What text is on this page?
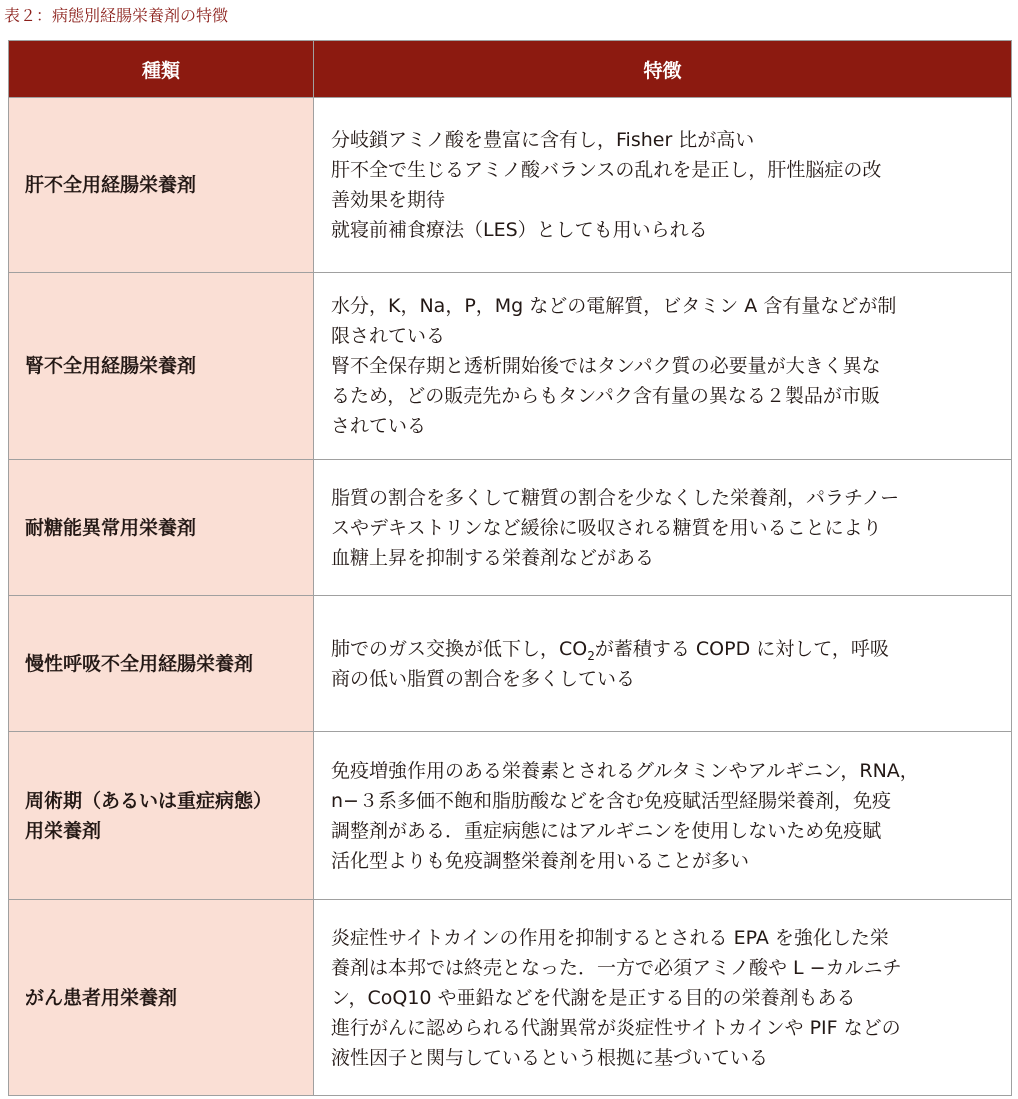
表２：病態別経腸栄養剤の特徴
種類	特徴

肝不全用経腸栄養剤	分岐鎖アミノ酸を豊富に含有し，Fisher 比が高い
肝不全で生じるアミノ酸バランスの乱れを是正し，肝性脳症の改
善効果を期待
就寝前補食療法（LES）としても用いられる

腎不全用経腸栄養剤	水分，K，Na，P，Mg などの電解質，ビタミン A 含有量などが制
限されている
腎不全保存期と透析開始後ではタンパク質の必要量が大きく異な
るため，どの販売先からもタンパク含有量の異なる２製品が市販
されている

耐糖能異常用栄養剤	脂質の割合を多くして糖質の割合を少なくした栄養剤，パラチノー
スやデキストリンなど緩徐に吸収される糖質を用いることにより
血糖上昇を抑制する栄養剤などがある

慢性呼吸不全用経腸栄養剤	肺でのガス交換が低下し，$CO_2$が蓄積する COPD に対して，呼吸
商の低い脂質の割合を多くしている

周術期（あるいは重症病態）
用栄養剤	免疫増強作用のある栄養素とされるグルタミンやアルギニン，RNA，
n−３系多価不飽和脂肪酸などを含む免疫賦活型経腸栄養剤，免疫
調整剤がある．重症病態にはアルギニンを使用しないため免疫賦
活化型よりも免疫調整栄養剤を用いることが多い

がん患者用栄養剤	炎症性サイトカインの作用を抑制するとされる EPA を強化した栄
養剤は本邦では終売となった．一方で必須アミノ酸や L −カルニチ
ン，CoQ10 や亜鉛などを代謝を是正する目的の栄養剤もある
進行がんに認められる代謝異常が炎症性サイトカインや PIF などの
液性因子と関与しているという根拠に基づいている
